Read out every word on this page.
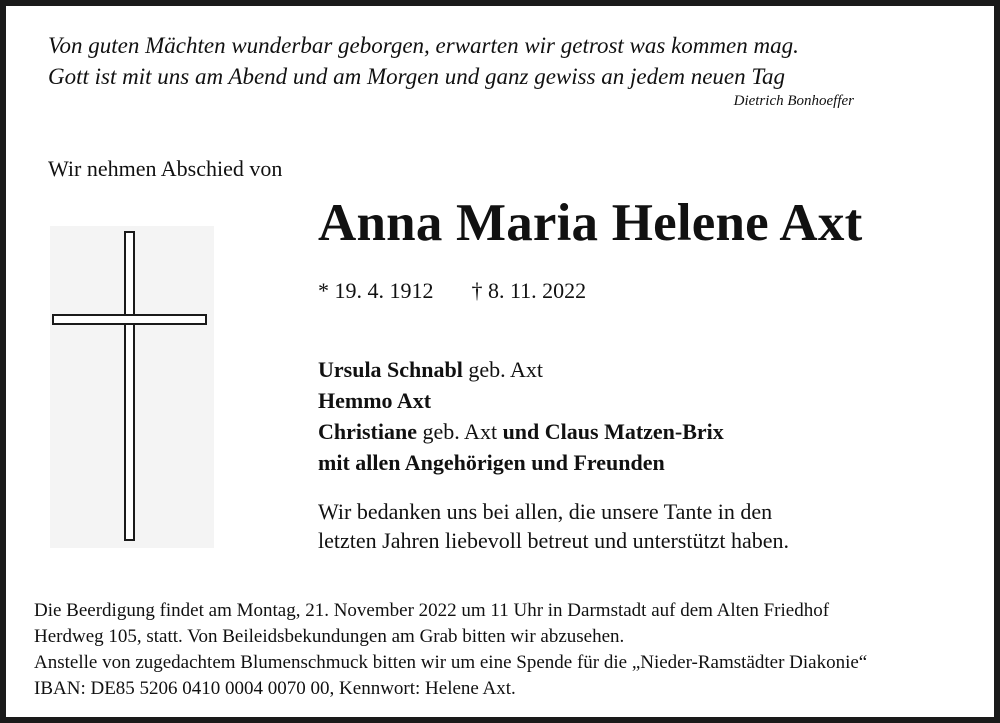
Von guten Mächten wunderbar geborgen, erwarten wir getrost was kommen mag.
Gott ist mit uns am Abend und am Morgen und ganz gewiss an jedem neuen Tag
Dietrich Bonhoeffer
Wir nehmen Abschied von
Anna Maria Helene Axt
* 19. 4. 1912 † 8. 11. 2022
Ursula Schnabl geb. Axt
Hemmo Axt
Christiane geb. Axt und Claus Matzen-Brix
mit allen Angehörigen und Freunden
Wir bedanken uns bei allen, die unsere Tante in den
letzten Jahren liebevoll betreut und unterstützt haben.
Die Beerdigung findet am Montag, 21. November 2022 um 11 Uhr in Darmstadt auf dem Alten Friedhof
Herdweg 105, statt. Von Beileidsbekundungen am Grab bitten wir abzusehen.
Anstelle von zugedachtem Blumenschmuck bitten wir um eine Spende für die „Nieder-Ramstädter Diakonie“
IBAN: DE85 5206 0410 0004 0070 00, Kennwort: Helene Axt.
